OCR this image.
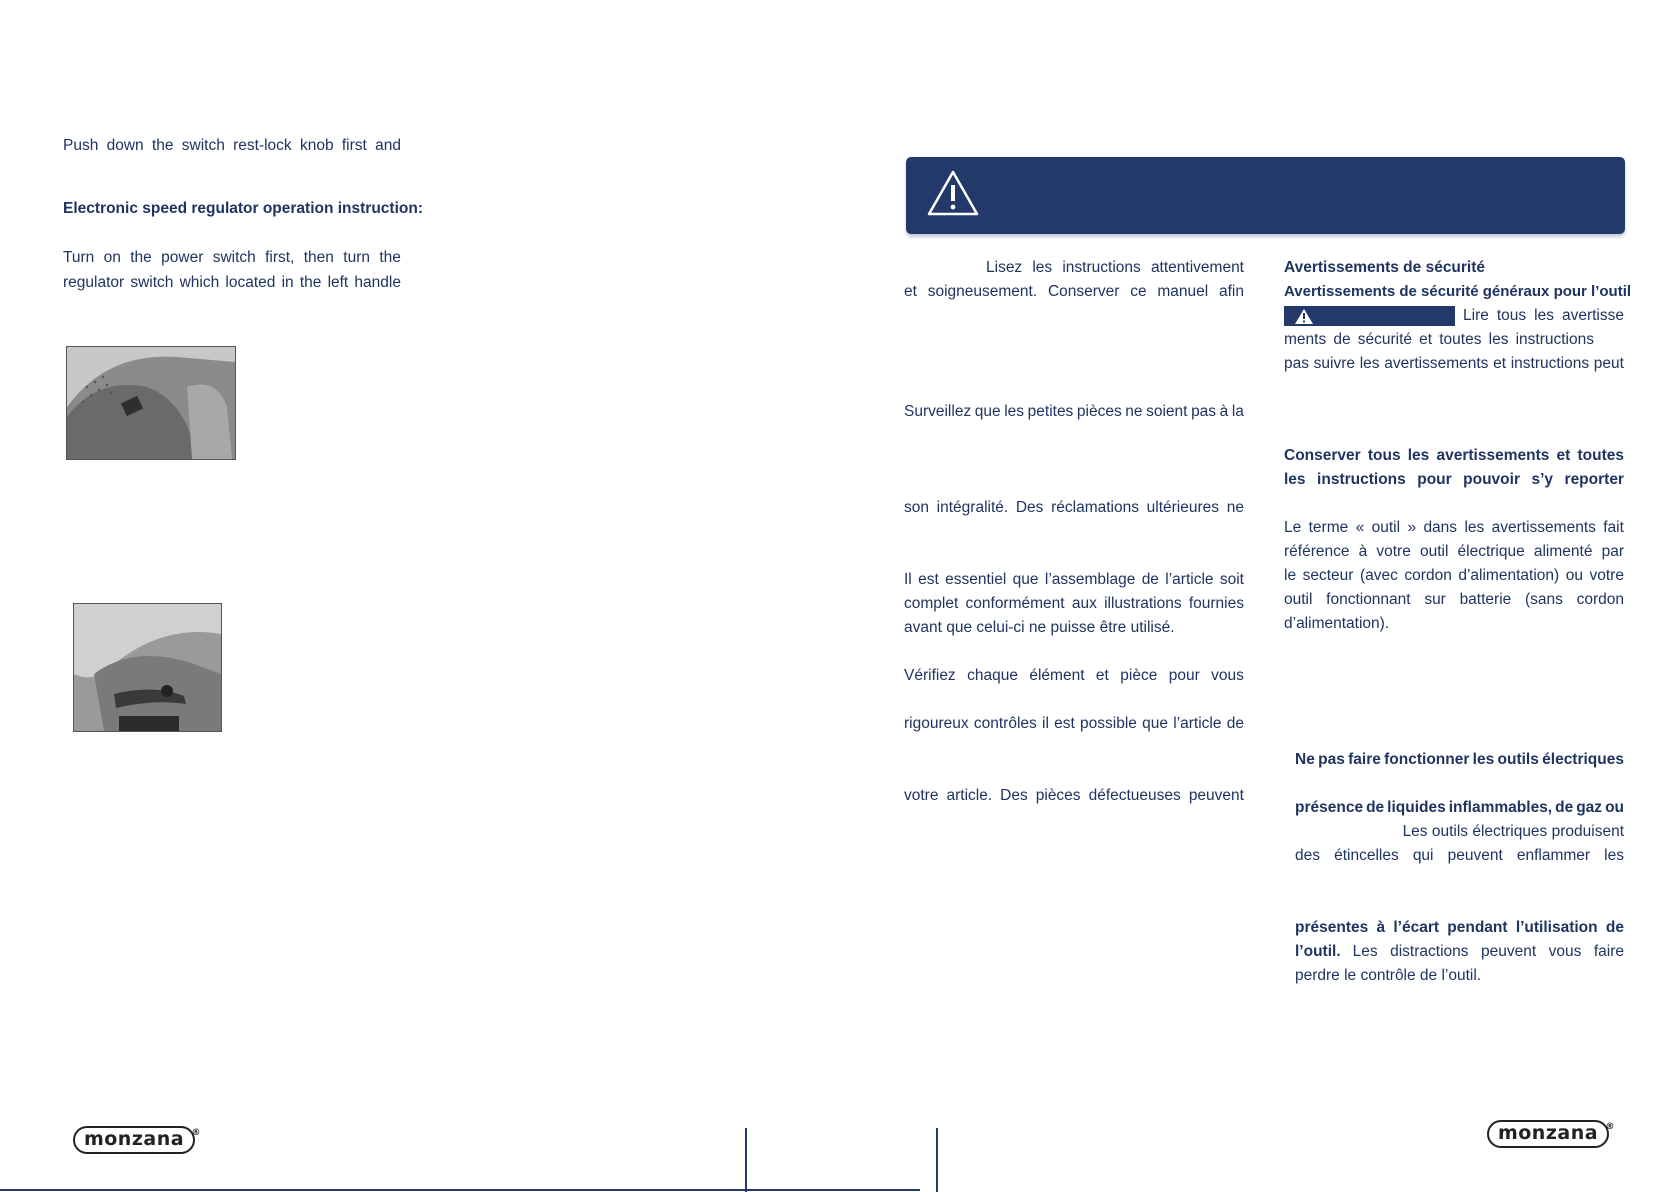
Push down the switch rest-lock knob first and
Electronic speed regulator operation instruction:
Turn on the power switch first, then turn the
regulator switch which located in the left handle
Lisez les instructions attentivement
et soigneusement. Conserver ce manuel afin
Surveillez que les petites pièces ne soient pas à la
son intégralité. Des réclamations ultérieures ne
Il est essentiel que l’assemblage de l’article soit
complet conformément aux illustrations fournies
avant que celui-ci ne puisse être utilisé.
Vérifiez chaque élément et pièce pour vous
rigoureux contrôles il est possible que l’article de
votre article. Des pièces défectueuses peuvent
Avertissements de sécurité
Avertissements de sécurité généraux pour l’outil
Lire tous les avertisse
ments de sécurité et toutes les instructions
pas suivre les avertissements et instructions peut
Conserver tous les avertissements et toutes
les instructions pour pouvoir s’y reporter
Le terme « outil » dans les avertissements fait
référence à votre outil électrique alimenté par
le secteur (avec cordon d’alimentation) ou votre
outil fonctionnant sur batterie (sans cordon
d’alimentation).
Ne pas faire fonctionner les outils électriques
présence de liquides inflammables, de gaz ou
Les outils électriques produisent
des étincelles qui peuvent enflammer les
présentes à l’écart pendant l’utilisation de
l’outil. Les distractions peuvent vous faire
perdre le contrôle de l’outil.
monzana ®	monzana ®
